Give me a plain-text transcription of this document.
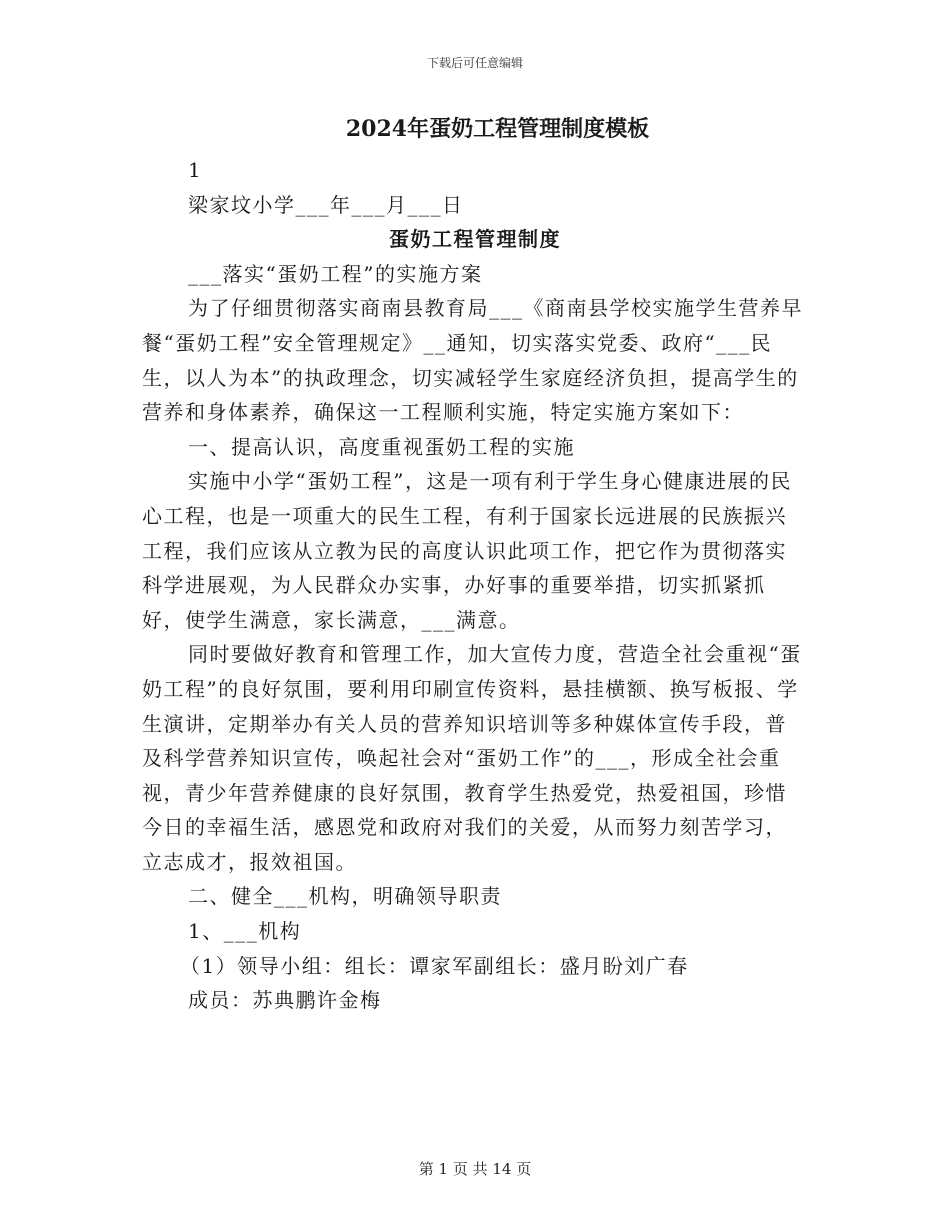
下载后可任意编辑
2024年蛋奶工程管理制度模板

1

梁家坟小学___年___月___日

蛋奶工程管理制度

___落实“蛋奶工程”的实施方案

为了仔细贯彻落实商南县教育局___《商南县学校实施学生营养早餐“蛋奶工程”安全管理规定》__通知，切实落实党委、政府“___民生，以人为本”的执政理念，切实减轻学生家庭经济负担，提高学生的营养和身体素养，确保这一工程顺利实施，特定实施方案如下：

一、提高认识，高度重视蛋奶工程的实施

实施中小学“蛋奶工程”，这是一项有利于学生身心健康进展的民心工程，也是一项重大的民生工程，有利于国家长远进展的民族振兴工程，我们应该从立教为民的高度认识此项工作，把它作为贯彻落实科学进展观，为人民群众办实事，办好事的重要举措，切实抓紧抓好，使学生满意，家长满意，___满意。

同时要做好教育和管理工作，加大宣传力度，营造全社会重视“蛋奶工程”的良好氛围，要利用印刷宣传资料，悬挂横额、换写板报、学生演讲，定期举办有关人员的营养知识培训等多种媒体宣传手段，普及科学营养知识宣传，唤起社会对“蛋奶工作”的___，形成全社会重视，青少年营养健康的良好氛围，教育学生热爱党，热爱祖国，珍惜今日的幸福生活，感恩党和政府对我们的关爱，从而努力刻苦学习，立志成才，报效祖国。

二、健全___机构，明确领导职责

1、___机构

（1）领导小组：组长：谭家军副组长：盛月盼刘广春

成员：苏典鹏许金梅

第 1 页 共 14 页
